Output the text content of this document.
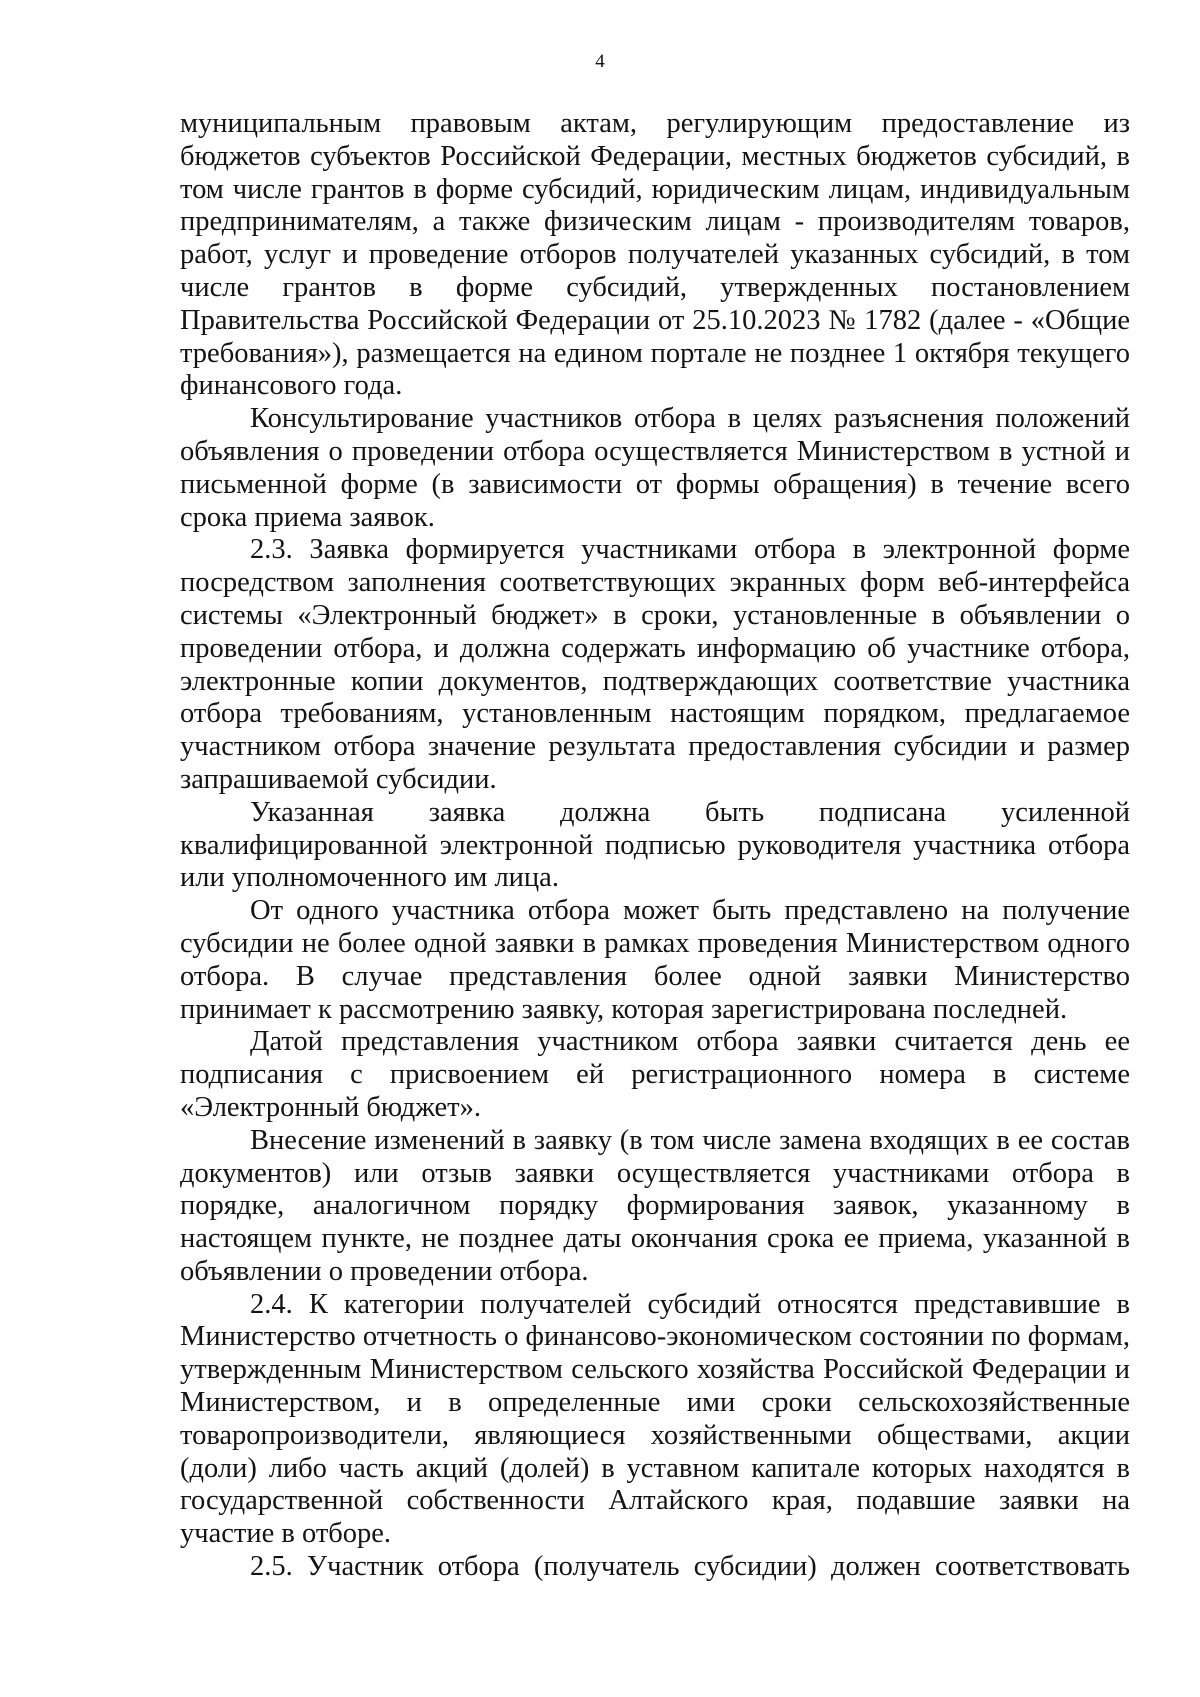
4

муниципальным правовым актам, регулирующим предоставление из бюджетов субъектов Российской Федерации, местных бюджетов субсидий, в том числе грантов в форме субсидий, юридическим лицам, индивидуальным предпринимателям, а также физическим лицам - производителям товаров, работ, услуг и проведение отборов получателей указанных субсидий, в том числе грантов в форме субсидий, утвержденных постановлением Правительства Российской Федерации от 25.10.2023 № 1782 (далее - «Общие требования»), размещается на едином портале не позднее 1 октября текущего финансового года.

Консультирование участников отбора в целях разъяснения положений объявления о проведении отбора осуществляется Министерством в устной и письменной форме (в зависимости от формы обращения) в течение всего срока приема заявок.

2.3. Заявка формируется участниками отбора в электронной форме посредством заполнения соответствующих экранных форм веб-интерфейса системы «Электронный бюджет» в сроки, установленные в объявлении о проведении отбора, и должна содержать информацию об участнике отбора, электронные копии документов, подтверждающих соответствие участника отбора требованиям, установленным настоящим порядком, предлагаемое участником отбора значение результата предоставления субсидии и размер запрашиваемой субсидии.

Указанная заявка должна быть подписана усиленной квалифицированной электронной подписью руководителя участника отбора или уполномоченного им лица.

От одного участника отбора может быть представлено на получение субсидии не более одной заявки в рамках проведения Министерством одного отбора. В случае представления более одной заявки Министерство принимает к рассмотрению заявку, которая зарегистрирована последней.

Датой представления участником отбора заявки считается день ее подписания с присвоением ей регистрационного номера в системе «Электронный бюджет».

Внесение изменений в заявку (в том числе замена входящих в ее состав документов) или отзыв заявки осуществляется участниками отбора в порядке, аналогичном порядку формирования заявок, указанному в настоящем пункте, не позднее даты окончания срока ее приема, указанной в объявлении о проведении отбора.

2.4. К категории получателей субсидий относятся представившие в Министерство отчетность о финансово-экономическом состоянии по формам, утвержденным Министерством сельского хозяйства Российской Федерации и Министерством, и в определенные ими сроки сельскохозяйственные товаропроизводители, являющиеся хозяйственными обществами, акции (доли) либо часть акций (долей) в уставном капитале которых находятся в государственной собственности Алтайского края, подавшие заявки на участие в отборе.

2.5. Участник отбора (получатель субсидии) должен соответствовать
